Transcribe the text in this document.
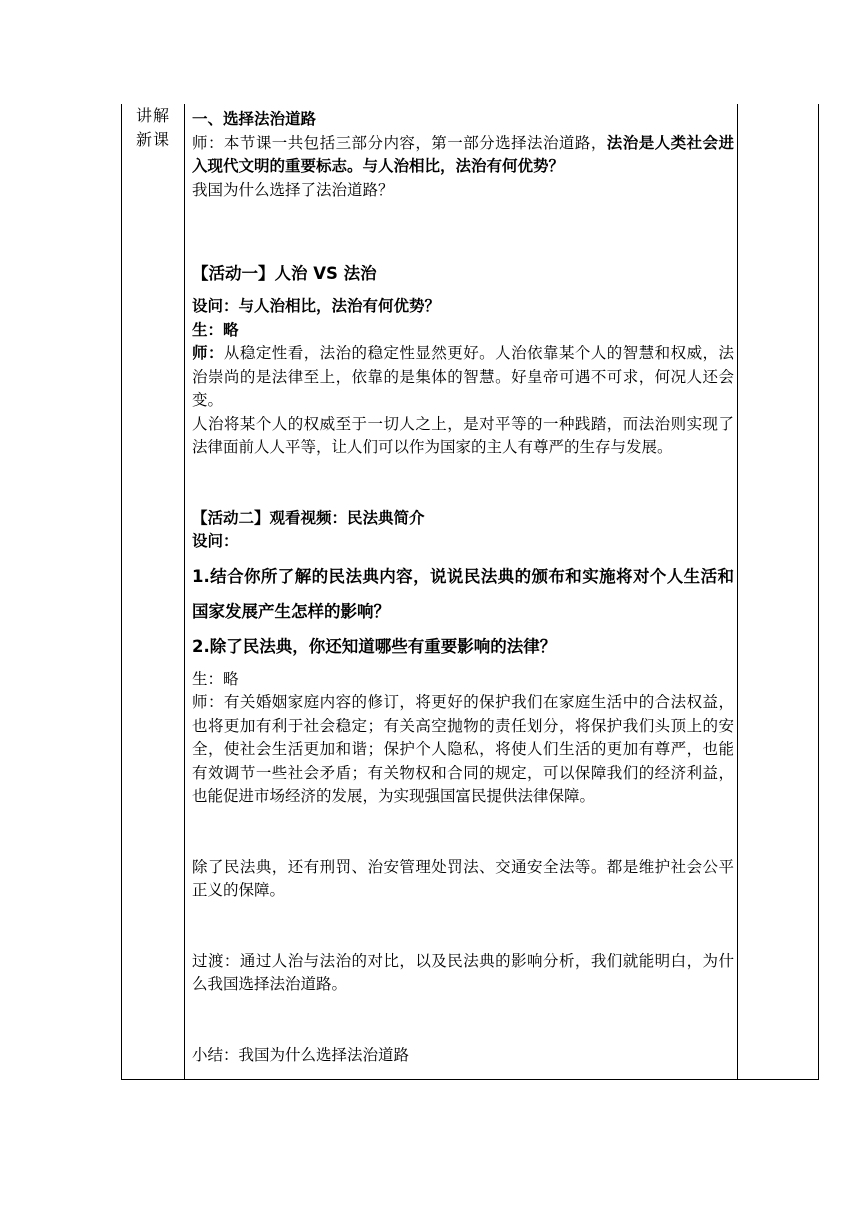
讲解
新课

一、选择法治道路

师：本节课一共包括三部分内容，第一部分选择法治道路，法治是人类社会进入现代文明的重要标志。与人治相比，法治有何优势？

我国为什么选择了法治道路？

【活动一】人治 VS 法治

设问：与人治相比，法治有何优势？

生：略

师：从稳定性看，法治的稳定性显然更好。人治依靠某个人的智慧和权威，法治崇尚的是法律至上，依靠的是集体的智慧。好皇帝可遇不可求，何况人还会变。

人治将某个人的权威至于一切人之上，是对平等的一种践踏，而法治则实现了法律面前人人平等，让人们可以作为国家的主人有尊严的生存与发展。

【活动二】观看视频：民法典简介

设问：

1.结合你所了解的民法典内容，说说民法典的颁布和实施将对个人生活和国家发展产生怎样的影响？

2.除了民法典，你还知道哪些有重要影响的法律？

生：略

师：有关婚姻家庭内容的修订，将更好的保护我们在家庭生活中的合法权益，也将更加有利于社会稳定；有关高空抛物的责任划分，将保护我们头顶上的安全，使社会生活更加和谐；保护个人隐私，将使人们生活的更加有尊严，也能有效调节一些社会矛盾；有关物权和合同的规定，可以保障我们的经济利益，也能促进市场经济的发展，为实现强国富民提供法律保障。

除了民法典，还有刑罚、治安管理处罚法、交通安全法等。都是维护社会公平正义的保障。

过渡：通过人治与法治的对比，以及民法典的影响分析，我们就能明白，为什么我国选择法治道路。

小结：我国为什么选择法治道路
